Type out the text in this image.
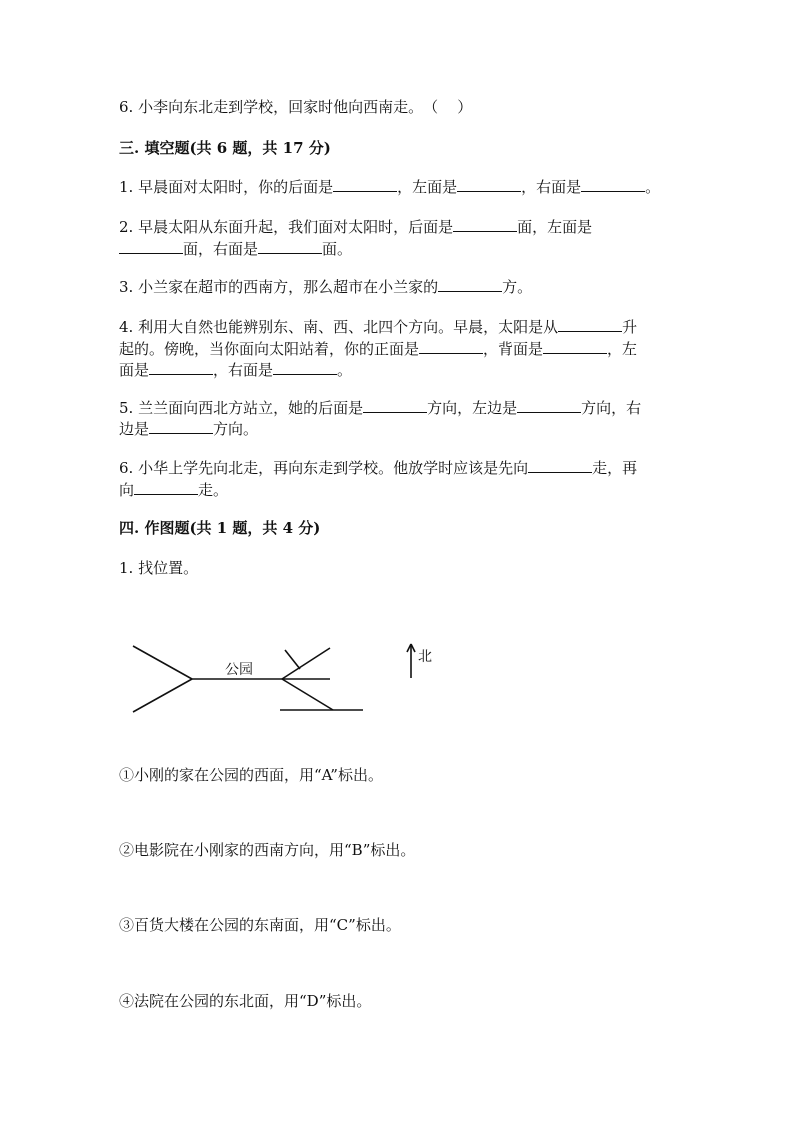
6. 小李向东北走到学校，回家时他向西南走。（ ）
三. 填空题(共 6 题，共 17 分)
1. 早晨面对太阳时，你的后面是	，左面是	，右面是	。
2. 早晨太阳从东面升起，我们面对太阳时，后面是	面，左面是
面，右面是	面。
3. 小兰家在超市的西南方，那么超市在小兰家的	方。
4. 利用大自然也能辨别东、南、西、北四个方向。早晨，太阳是从	升
起的。傍晚，当你面向太阳站着，你的正面是	，背面是	，左
面是	，右面是	。
5. 兰兰面向西北方站立，她的后面是	方向，左边是	方向，右
边是	方向。
6. 小华上学先向北走，再向东走到学校。他放学时应该是先向	走，再
向	走。
四. 作图题(共 1 题，共 4 分)
1. 找位置。
公园
北
①小刚的家在公园的西面，用“A”标出。
②电影院在小刚家的西南方向，用“B”标出。
③百货大楼在公园的东南面，用“C”标出。
④法院在公园的东北面，用“D”标出。
